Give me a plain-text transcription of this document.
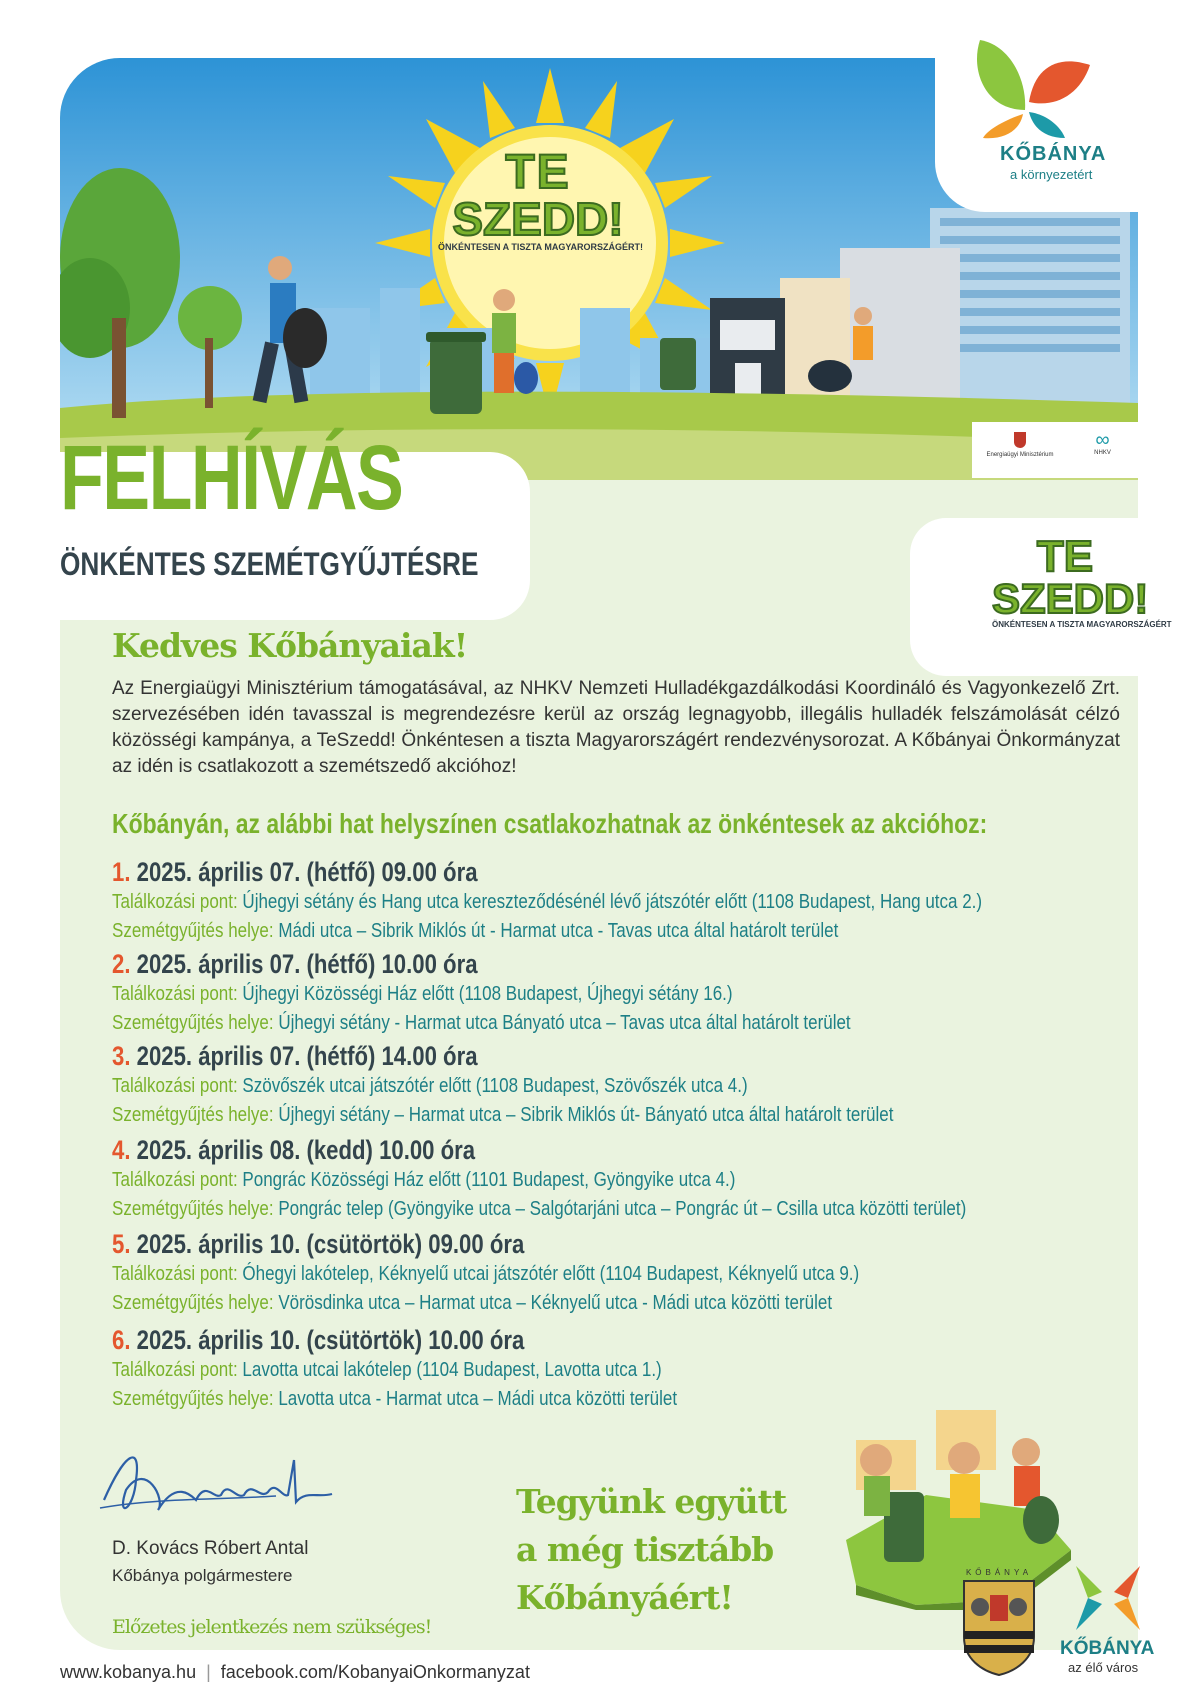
TE
SZEDD!
ÖNKÉNTESEN A TISZTA MAGYARORSZÁGÉRT!
KŐBÁNYA
a környezetért
Energiaügyi Minisztérium
∞
NHKV
FELHÍVÁS
ÖNKÉNTES SZEMÉTGYŰJTÉSRE	TE
SZEDD!
ÖNKÉNTESEN A TISZTA MAGYARORSZÁGÉRT
Kedves Kőbányaiak!
Az Energiaügyi Minisztérium támogatásával, az NHKV Nemzeti Hulladékgazdálkodási Koordináló és Vagyonkezelő Zrt. szervezésében idén tavasszal is megrendezésre kerül az ország legnagyobb, illegális hulladék felszámolását célzó közösségi kampánya, a TeSzedd! Önkéntesen a tiszta Magyarországért rendezvénysorozat. A Kőbányai Önkormányzat az idén is csatlakozott a szemétszedő akcióhoz!
Kőbányán, az alábbi hat helyszínen csatlakozhatnak az önkéntesek az akcióhoz:
1. 2025. április 07. (hétfő) 09.00 óra
Találkozási pont: Újhegyi sétány és Hang utca kereszteződésénél lévő játszótér előtt (1108 Budapest, Hang utca 2.)
Szemétgyűjtés helye: Mádi utca – Sibrik Miklós út - Harmat utca - Tavas utca által határolt terület
2. 2025. április 07. (hétfő) 10.00 óra
Találkozási pont: Újhegyi Közösségi Ház előtt (1108 Budapest, Újhegyi sétány 16.)
Szemétgyűjtés helye: Újhegyi sétány - Harmat utca Bányató utca – Tavas utca által határolt terület
3. 2025. április 07. (hétfő) 14.00 óra
Találkozási pont: Szövőszék utcai játszótér előtt (1108 Budapest, Szövőszék utca 4.)
Szemétgyűjtés helye: Újhegyi sétány – Harmat utca – Sibrik Miklós út- Bányató utca által határolt terület
4. 2025. április 08. (kedd) 10.00 óra
Találkozási pont: Pongrác Közösségi Ház előtt (1101 Budapest, Gyöngyike utca 4.)
Szemétgyűjtés helye: Pongrác telep (Gyöngyike utca – Salgótarjáni utca – Pongrác út – Csilla utca közötti terület)
5. 2025. április 10. (csütörtök) 09.00 óra
Találkozási pont: Óhegyi lakótelep, Kéknyelű utcai játszótér előtt (1104 Budapest, Kéknyelű utca 9.)
Szemétgyűjtés helye: Vörösdinka utca – Harmat utca – Kéknyelű utca - Mádi utca közötti terület
6. 2025. április 10. (csütörtök) 10.00 óra
Találkozási pont: Lavotta utcai lakótelep (1104 Budapest, Lavotta utca 1.)
Szemétgyűjtés helye: Lavotta utca - Harmat utca – Mádi utca közötti terület
D. Kovács Róbert Antal
Kőbánya polgármestere
Előzetes jelentkezés nem szükséges!
Tegyünk együtt
a még tisztább
Kőbányáért!
KŐBÁNYA
KŐBÁNYA
az élő város
www.kobanya.hu | facebook.com/KobanyaiOnkormanyzat
